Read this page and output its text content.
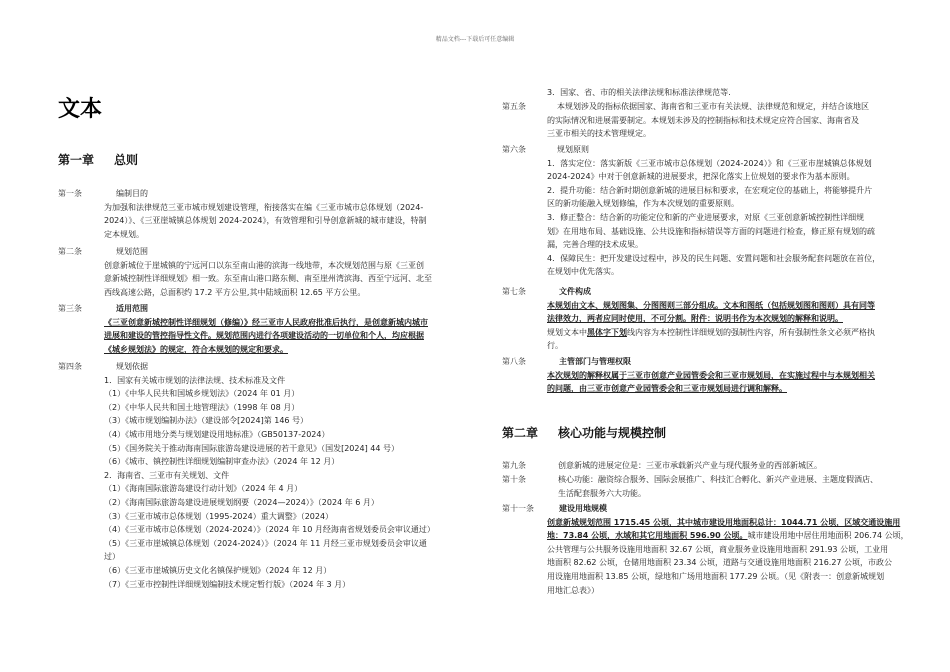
精品文档---下载后可任意编辑
文本
第一章 总则
第一条	编制目的
为加强和法律规范三亚市城市规划建设管理，衔接落实在编《三亚市城市总体规划（2024-
2024）》、《三亚崖城镇总体规划 2024-2024》，有效管理和引导创意新城的城市建设，特制
定本规划。
第二条	规划范围
创意新城位于崖城镇的宁远河口以东至南山港的滨海一线地带，本次规划范围与原《三亚创
意新城控制性详细规划》相一致。东至南山港口路东侧、南至崖州湾滨海、西至宁远河、北至
西线高速公路，总面积约 17.2 平方公里,其中陆域面积 12.65 平方公里。
第三条	适用范围
《三亚创意新城控制性详细规划（修编）》经三亚市人民政府批准后执行，是创意新城内城市
进展和建设的管控指导性文件。规划范围内进行各项建设活动的一切单位和个人，均应根据
《城乡规划法》的规定，符合本规划的规定和要求。
第四条	规划依据
1．国家有关城市规划的法律法规、技术标准及文件
（1）《中华人民共和国城乡规划法》（2024 年 01 月）
（2）《中华人民共和国土地管理法》（1998 年 08 月）
（3）《城市规划编制办法》（建设部令[2024]第 146 号）
（4）《城市用地分类与规划建设用地标准》（GB50137-2024）
（5）《国务院关于推动海南国际旅游岛建设进展的若干意见》（国发[2024] 44 号）
（6）《城市、镇控制性详细规划编制审查办法》（2024 年 12 月）
2．海南省、三亚市有关规划、文件
（1）《海南国际旅游岛建设行动计划》（2024 年 4 月）
（2）《海南国际旅游岛建设进展规划纲要（2024—2024）》（2024 年 6 月）
（3）《三亚市城市总体规划（1995-2024）重大调整》（2024）
（4）《三亚市城市总体规划（2024-2024）》（2024 年 10 月经海南省规划委员会审议通过）
（5）《三亚市崖城镇总体规划（2024-2024）》（2024 年 11 月经三亚市规划委员会审议通
过）
（6）《三亚市崖城镇历史文化名镇保护规划》（2024 年 12 月）
（7）《三亚市控制性详细规划编制技术规定暂行版》（2024 年 3 月）
3．国家、省、市的相关法律法规和标准法律规范等.
第五条	本规划涉及的指标依据国家、海南省和三亚市有关法规、法律规范和规定，并结合该地区
的实际情况和进展需要制定。本规划未涉及的控制指标和技术规定应符合国家、海南省及
三亚市相关的技术管理规定。
第六条	规划原则
1．落实定位：落实新版《三亚市城市总体规划（2024-2024）》和《三亚市崖城镇总体规划
2024-2024》中对于创意新城的进展要求，把深化落实上位规划的要求作为基本原则。
2．提升功能：结合新时期创意新城的进展目标和要求，在宏观定位的基础上，将能够提升片
区的新功能融入规划修编，作为本次规划的重要原则。
3．修正整合：结合新的功能定位和新的产业进展要求，对原《三亚创意新城控制性详细规
划》在用地布局、基础设施、公共设施和指标错误等方面的问题进行检查，修正原有规划的疏
漏，完善合理的技术成果。
4．保障民生：把开发建设过程中，涉及的民生问题、安置问题和社会服务配套问题放在首位，
在规划中优先落实。
第七条	文件构成
本规划由文本、规划图集、分图图则三部分组成。文本和图纸（包括规划图和图则）具有同等
法律效力，两者应同时使用，不可分割。附件：说明书作为本次规划的解释和说明。
规划文本中黑体字下划线内容为本控制性详细规划的强制性内容，所有强制性条文必须严格执
行。
第八条	主管部门与管理权限
本次规划的解释权属于三亚市创意产业园管委会和三亚市规划局，在实施过程中与本规划相关
的问题，由三亚市创意产业园管委会和三亚市规划局进行调和解释。
第二章 核心功能与规模控制
第九条	创意新城的进展定位是：三亚市承载新兴产业与现代服务业的西部新城区。
第十条	核心功能：融资综合服务、国际会展推广、科技汇合孵化、新兴产业进展、主题度假酒店、
生活配套服务六大功能。
第十一条	建设用地规模
创意新城规划范围 1715.45 公顷，其中城市建设用地面积总计：1044.71 公顷，区域交通设施用
地：73.84 公顷，水域和其它用地面积 596.90 公顷。城市建设用地中居住用地面积 206.74 公顷，
公共管理与公共服务设施用地面积 32.67 公顷，商业服务业设施用地面积 291.93 公顷，工业用
地面积 82.62 公顷，仓储用地面积 23.34 公顷，道路与交通设施用地面积 216.27 公顷，市政公
用设施用地面积 13.85 公顷，绿地和广场用地面积 177.29 公顷。（见《附表一：创意新城规划
用地汇总表》）
